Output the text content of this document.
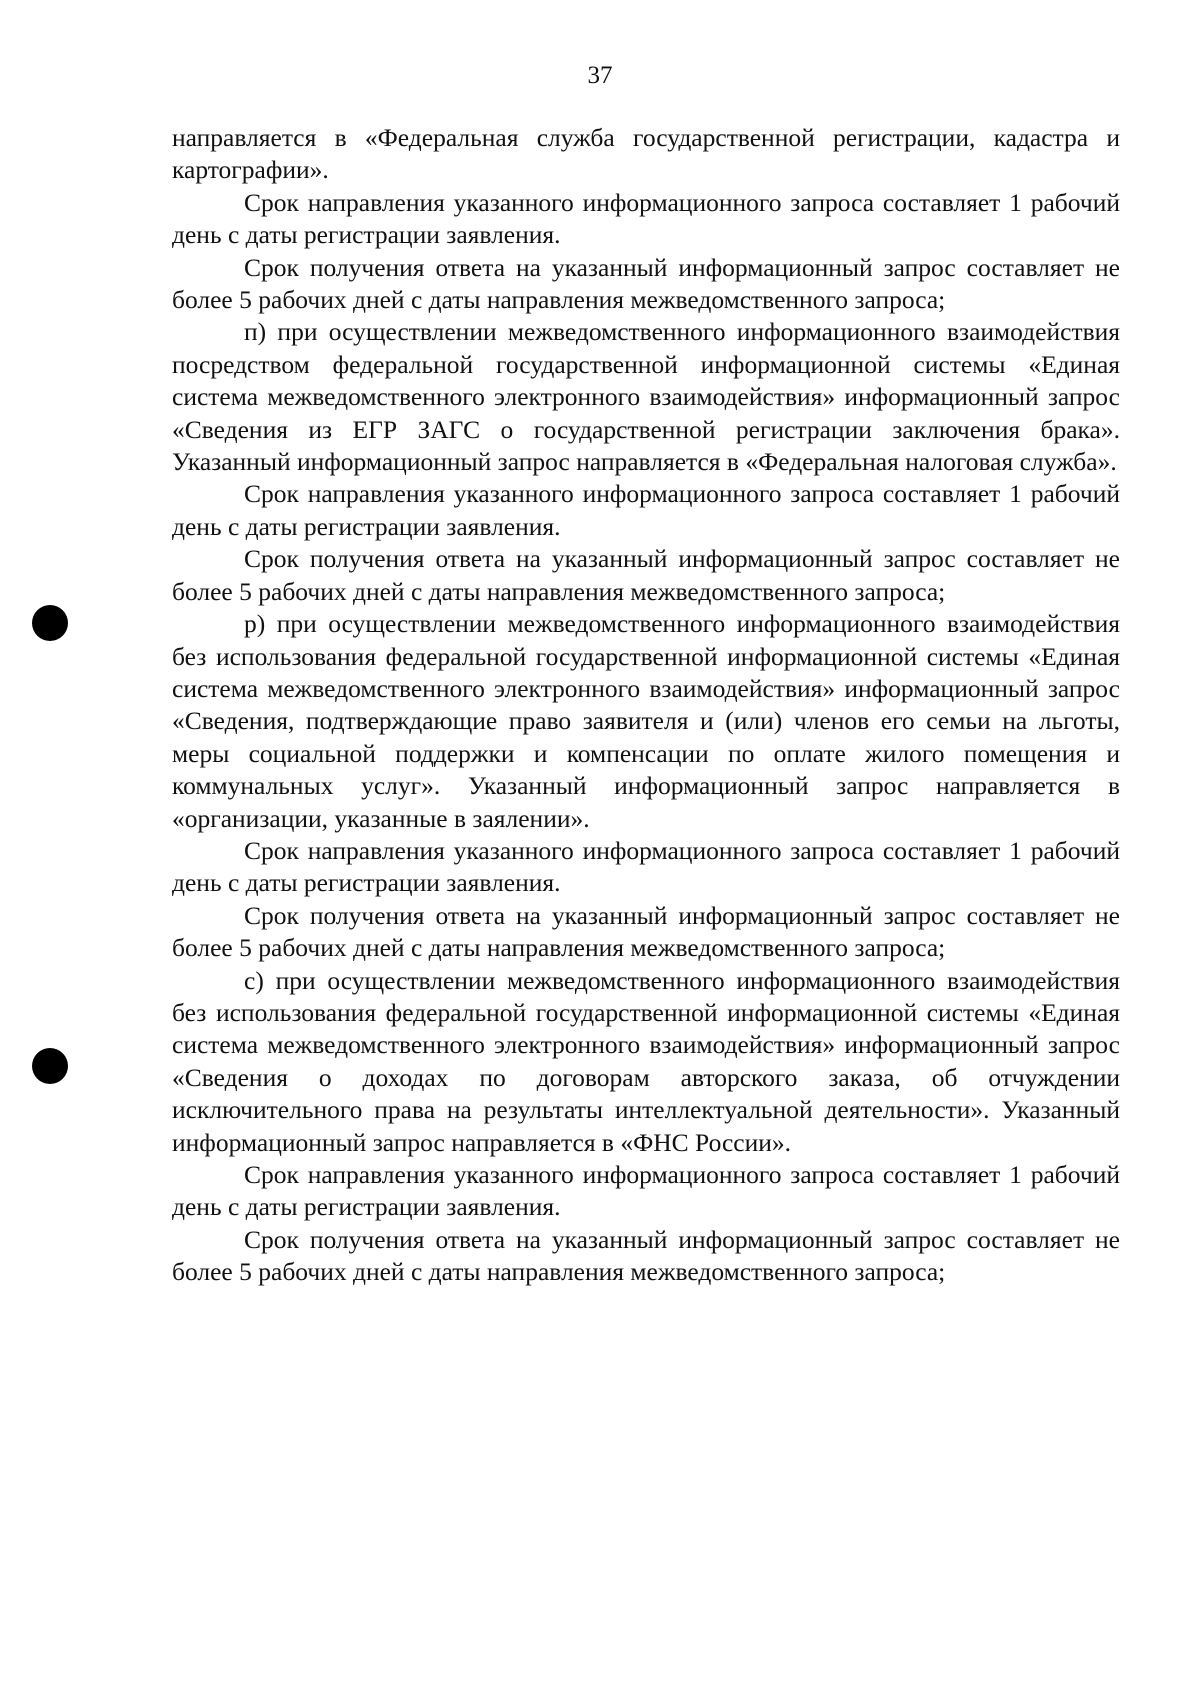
37

направляется в «Федеральная служба государственной регистрации, кадастра и картографии».

Срок направления указанного информационного запроса составляет 1 рабочий день с даты регистрации заявления.

Срок получения ответа на указанный информационный запрос составляет не более 5 рабочих дней с даты направления межведомственного запроса;

п) при осуществлении межведомственного информационного взаимодействия посредством федеральной государственной информационной системы «Единая система межведомственного электронного взаимодействия» информационный запрос «Сведения из ЕГР ЗАГС о государственной регистрации заключения брака». Указанный информационный запрос направляется в «Федеральная налоговая служба».

Срок направления указанного информационного запроса составляет 1 рабочий день с даты регистрации заявления.

Срок получения ответа на указанный информационный запрос составляет не более 5 рабочих дней с даты направления межведомственного запроса;

р) при осуществлении межведомственного информационного взаимодействия без использования федеральной государственной информационной системы «Единая система межведомственного электронного взаимодействия» информационный запрос «Сведения, подтверждающие право заявителя и (или) членов его семьи на льготы, меры социальной поддержки и компенсации по оплате жилого помещения и коммунальных услуг». Указанный информационный запрос направляется в «организации, указанные в заялении».

Срок направления указанного информационного запроса составляет 1 рабочий день с даты регистрации заявления.

Срок получения ответа на указанный информационный запрос составляет не более 5 рабочих дней с даты направления межведомственного запроса;

с) при осуществлении межведомственного информационного взаимодействия без использования федеральной государственной информационной системы «Единая система межведомственного электронного взаимодействия» информационный запрос «Сведения о доходах по договорам авторского заказа, об отчуждении исключительного права на результаты интеллектуальной деятельности». Указанный информационный запрос направляется в «ФНС России».

Срок направления указанного информационного запроса составляет 1 рабочий день с даты регистрации заявления.

Срок получения ответа на указанный информационный запрос составляет не более 5 рабочих дней с даты направления межведомственного запроса;
